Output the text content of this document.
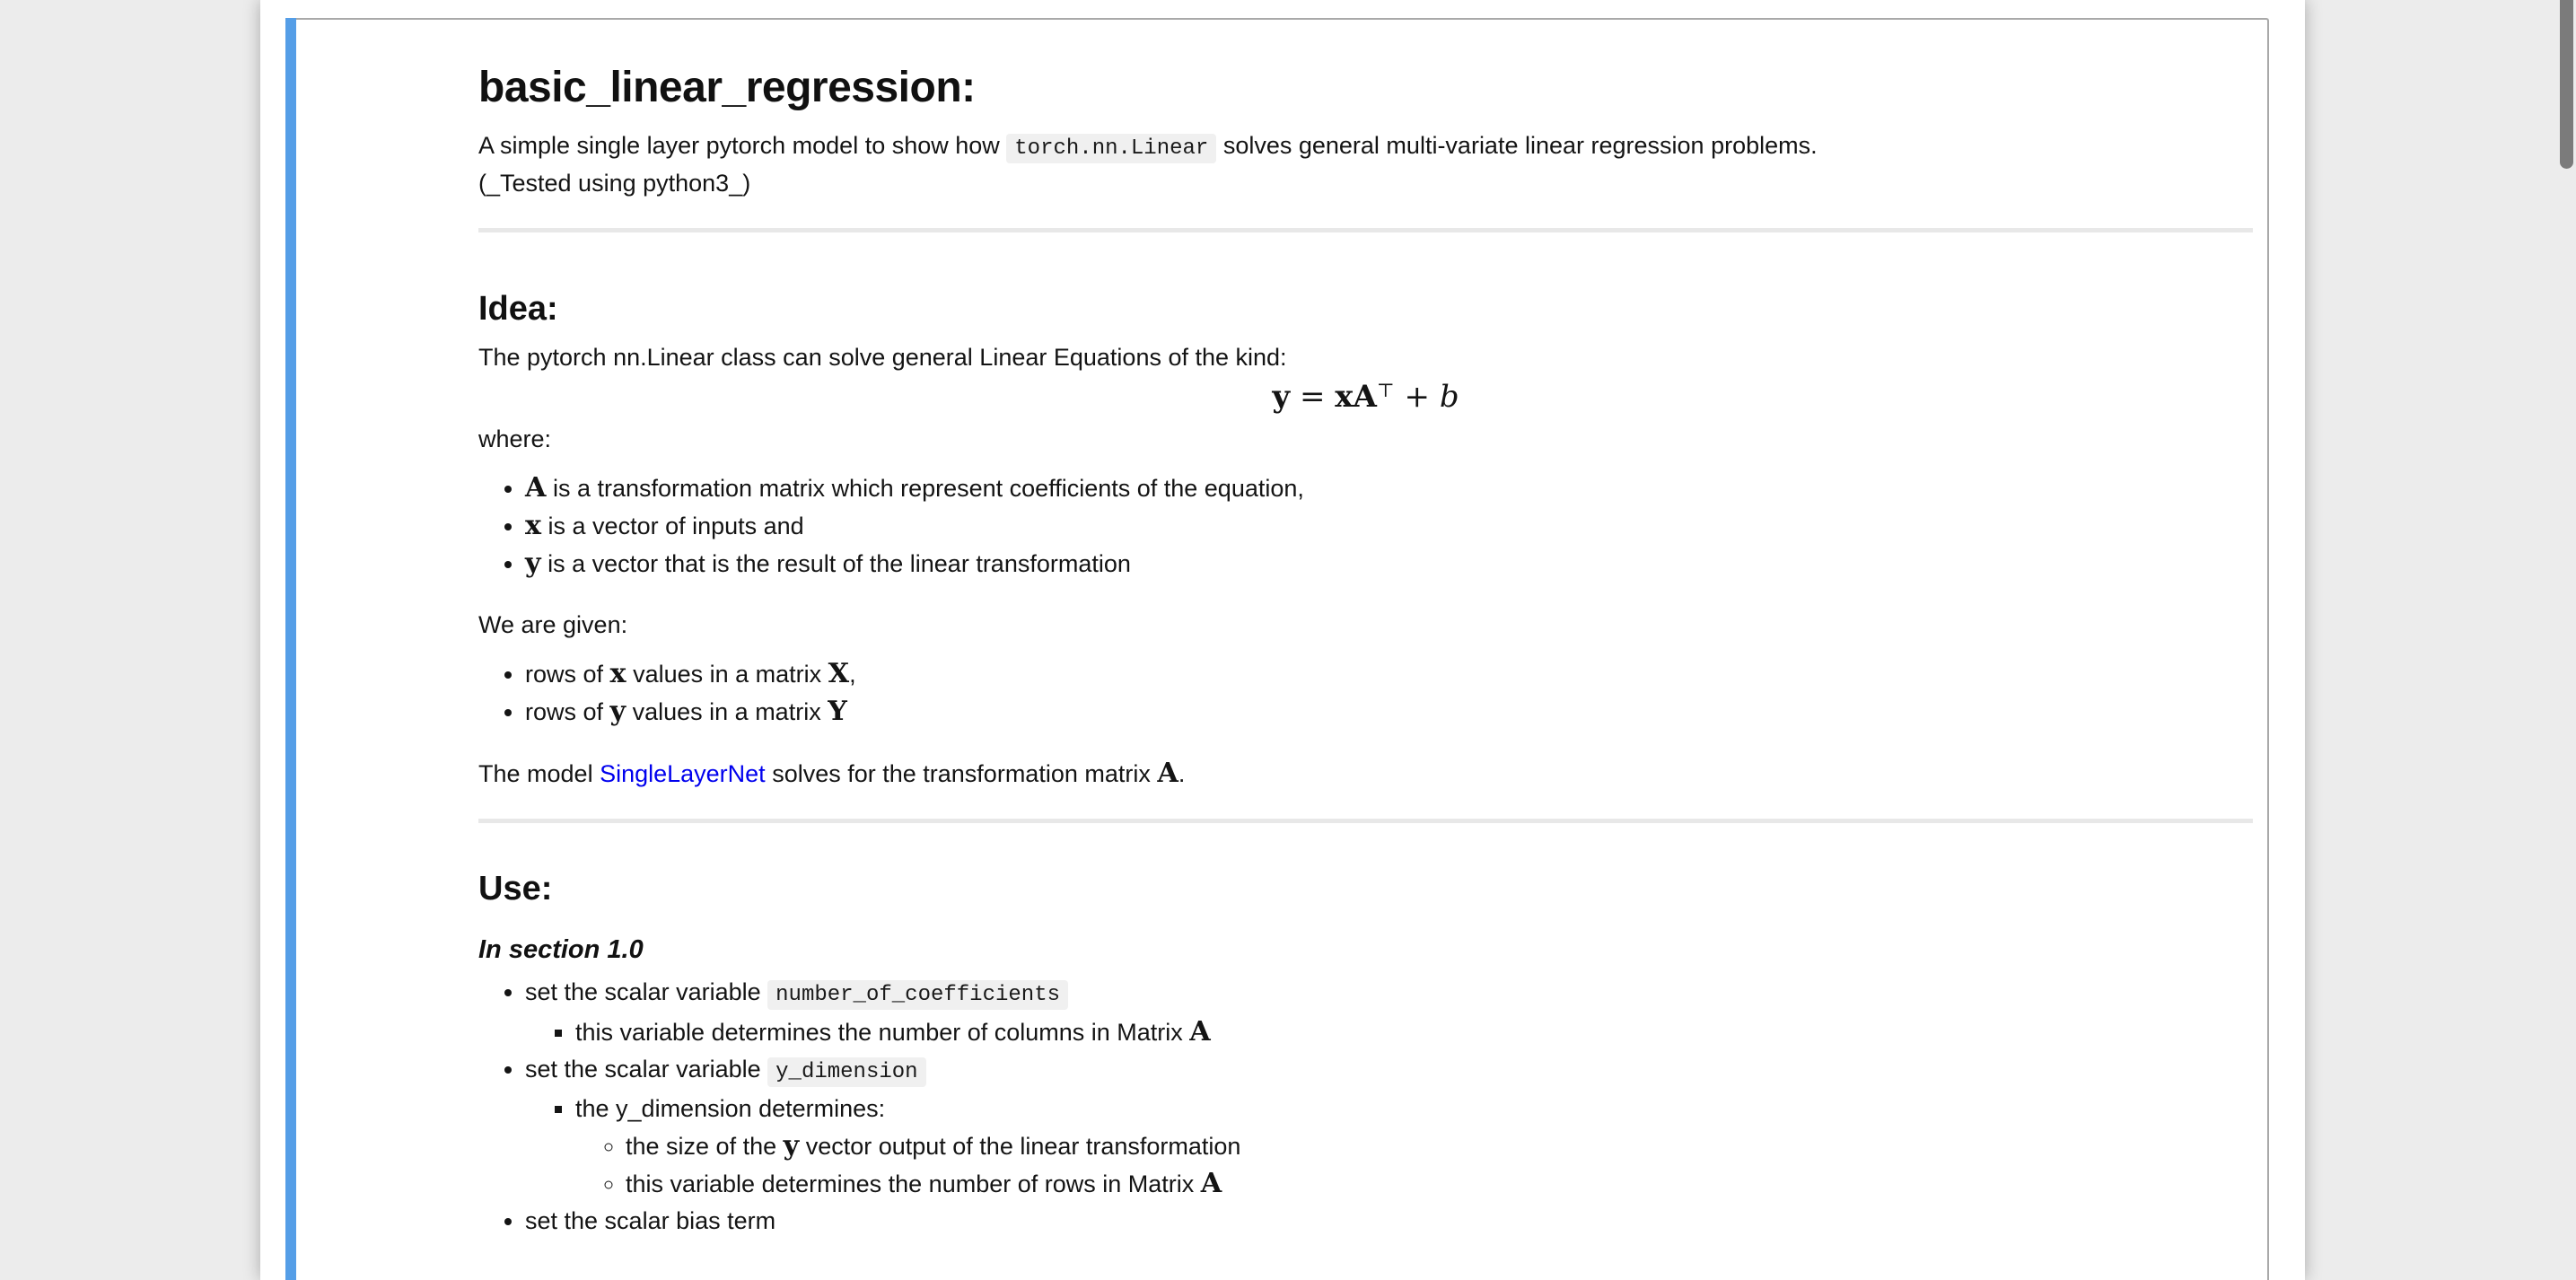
basic_linear_regression:

A simple single layer pytorch model to show how torch.nn.Linear solves general multi-variate linear regression problems.
(_Tested using python3_)

Idea:

The pytorch nn.Linear class can solve general Linear Equations of the kind:

y = xA⊤ + b

where:

• A is a transformation matrix which represent coefficients of the equation,
• x is a vector of inputs and
• y is a vector that is the result of the linear transformation

We are given:

• rows of x values in a matrix X,
• rows of y values in a matrix Y

The model SingleLayerNet solves for the transformation matrix A.

Use:
In section 1.0
• set the scalar variable number_of_coefficients
▪ this variable determines the number of columns in Matrix A
• set the scalar variable y_dimension
▪ the y_dimension determines:
◦ the size of the y vector output of the linear transformation
◦ this variable determines the number of rows in Matrix A
• set the scalar bias term
